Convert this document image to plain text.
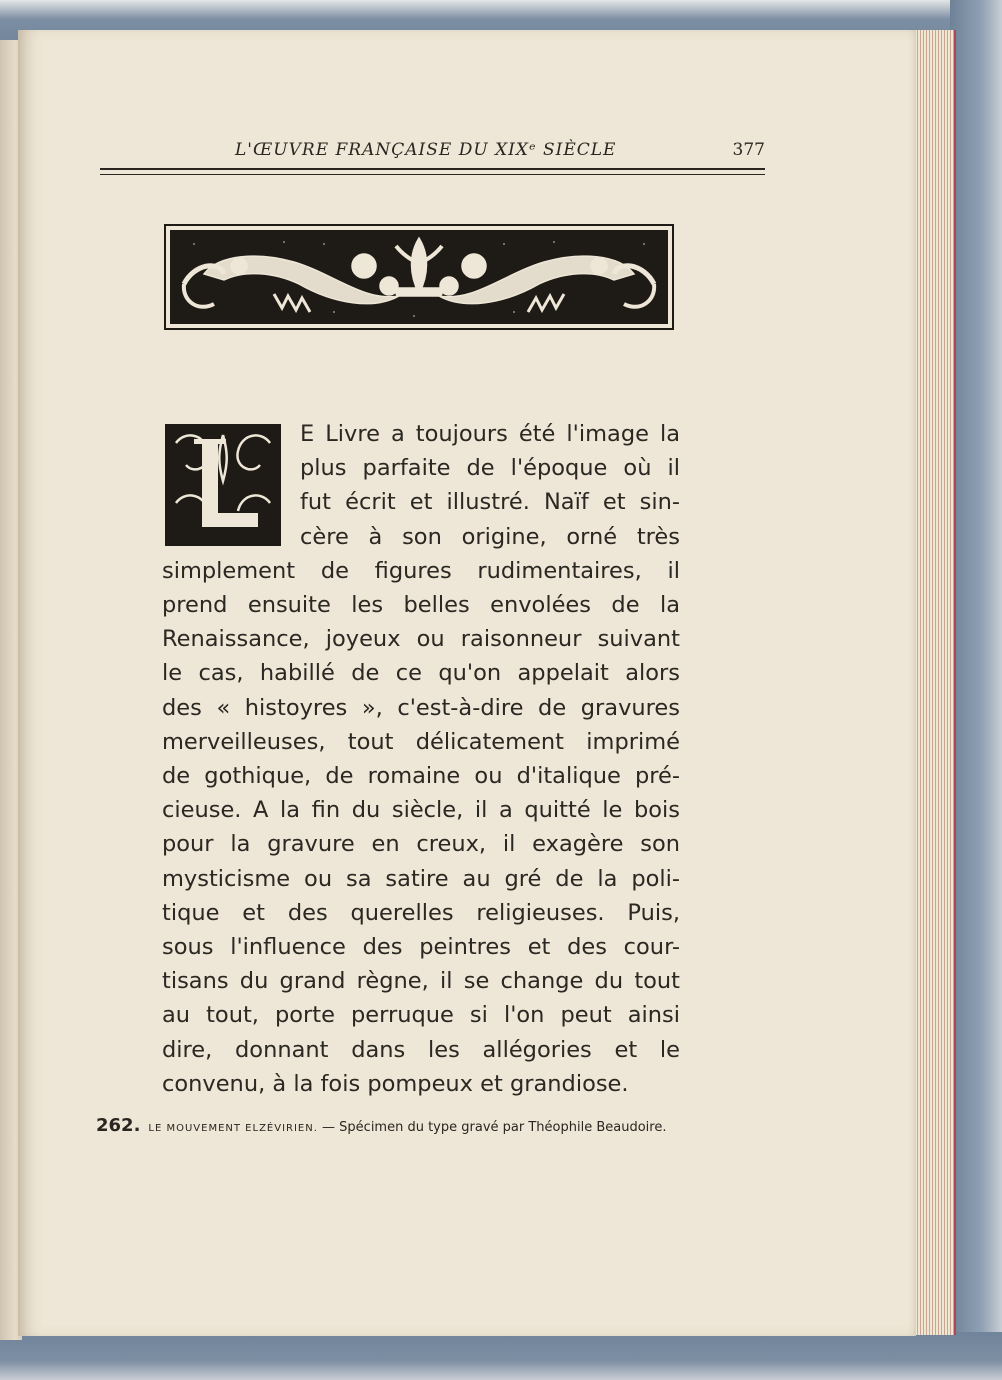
L'ŒUVRE FRANÇAISE DU XIXᵉ SIÈCLE	377

E Livre a toujours été l'image la
plus parfaite de l'époque où il
fut écrit et illustré. Naïf et sin-
cère à son origine, orné très
simplement de figures rudimentaires, il
prend ensuite les belles envolées de la
Renaissance, joyeux ou raisonneur suivant
le cas, habillé de ce qu'on appelait alors
des « histoyres », c'est-à-dire de gravures
merveilleuses, tout délicatement imprimé
de gothique, de romaine ou d'italique pré-
cieuse. A la fin du siècle, il a quitté le bois
pour la gravure en creux, il exagère son
mysticisme ou sa satire au gré de la poli-
tique et des querelles religieuses. Puis,
sous l'influence des peintres et des cour-
tisans du grand règne, il se change du tout
au tout, porte perruque si l'on peut ainsi
dire, donnant dans les allégories et le
convenu, à la fois pompeux et grandiose.

262. LE MOUVEMENT ELZÉVIRIEN. — Spécimen du type gravé par Théophile Beaudoire.
